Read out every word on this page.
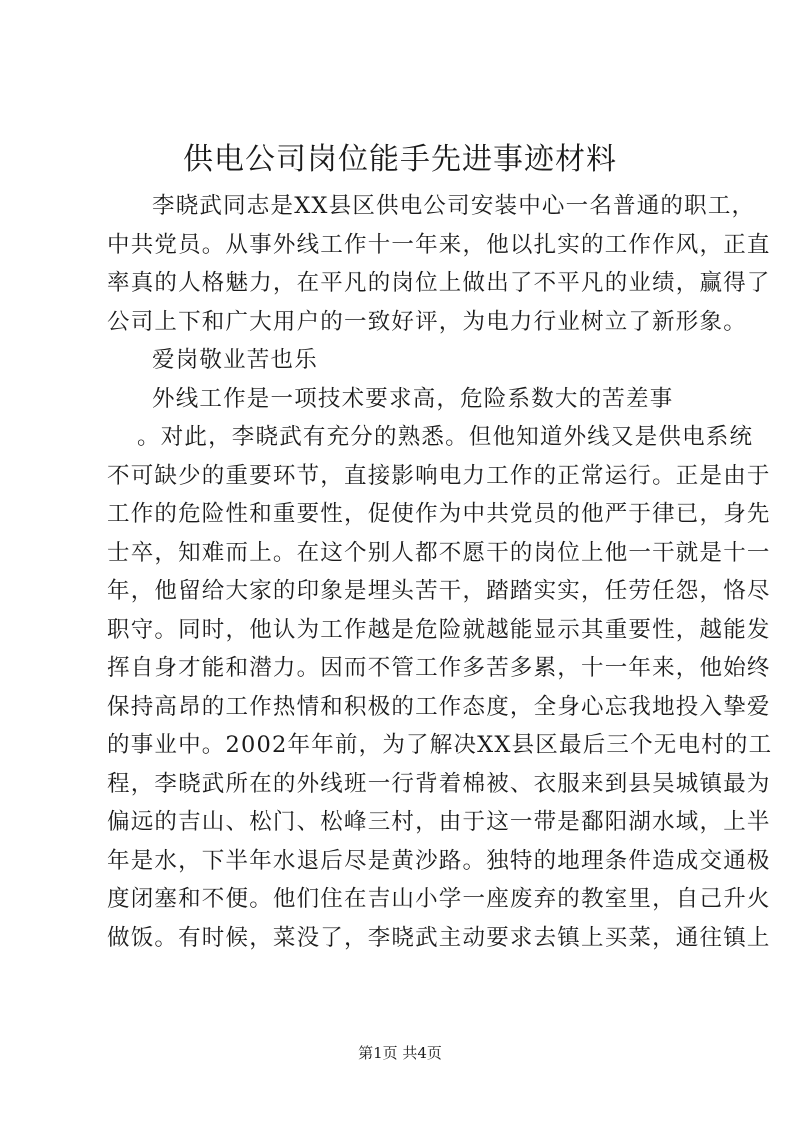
供电公司岗位能手先进事迹材料
李晓武同志是XX县区供电公司安装中心一名普通的职工，
中共党员。从事外线工作十一年来，他以扎实的工作作风，正直
率真的人格魅力，在平凡的岗位上做出了不平凡的业绩，赢得了
公司上下和广大用户的一致好评，为电力行业树立了新形象。
爱岗敬业苦也乐
外线工作是一项技术要求高，危险系数大的苦差事
。对此，李晓武有充分的熟悉。但他知道外线又是供电系统
不可缺少的重要环节，直接影响电力工作的正常运行。正是由于
工作的危险性和重要性，促使作为中共党员的他严于律已，身先
士卒，知难而上。在这个别人都不愿干的岗位上他一干就是十一
年，他留给大家的印象是埋头苦干，踏踏实实，任劳任怨，恪尽
职守。同时，他认为工作越是危险就越能显示其重要性，越能发
挥自身才能和潜力。因而不管工作多苦多累，十一年来，他始终
保持高昂的工作热情和积极的工作态度，全身心忘我地投入挚爱
的事业中。2002年年前，为了解决XX县区最后三个无电村的工
程，李晓武所在的外线班一行背着棉被、衣服来到县吴城镇最为
偏远的吉山、松门、松峰三村，由于这一带是鄱阳湖水域，上半
年是水，下半年水退后尽是黄沙路。独特的地理条件造成交通极
度闭塞和不便。他们住在吉山小学一座废弃的教室里，自己升火
做饭。有时候，菜没了，李晓武主动要求去镇上买菜，通往镇上
第1页 共4页
